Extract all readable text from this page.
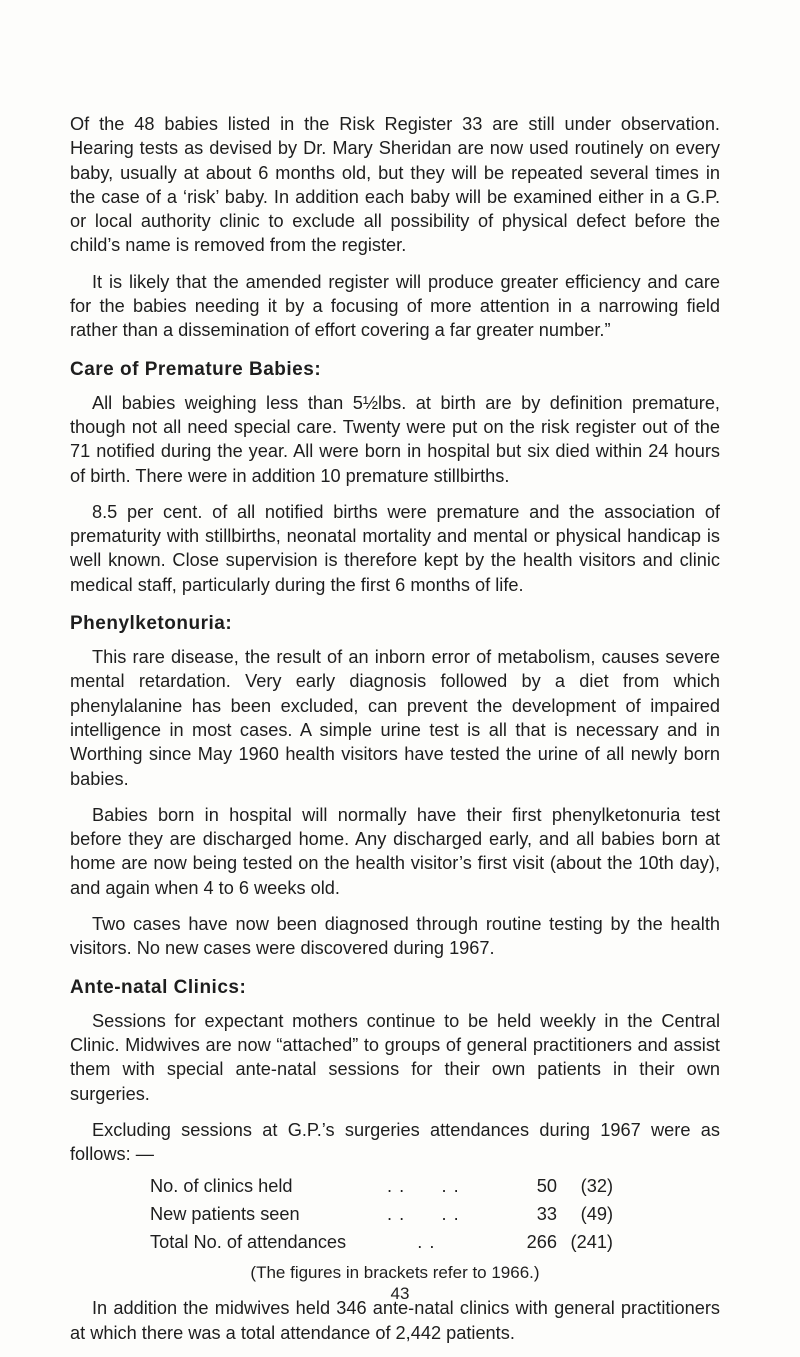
Of the 48 babies listed in the Risk Register 33 are still under observation. Hearing tests as devised by Dr. Mary Sheridan are now used routinely on every baby, usually at about 6 months old, but they will be repeated several times in the case of a ‘risk’ baby. In addition each baby will be examined either in a G.P. or local authority clinic to exclude all possibility of physical defect before the child’s name is removed from the register.

It is likely that the amended register will produce greater efficiency and care for the babies needing it by a focusing of more attention in a narrowing field rather than a dissemination of effort covering a far greater number.”

Care of Premature Babies:

All babies weighing less than 5½lbs. at birth are by definition premature, though not all need special care. Twenty were put on the risk register out of the 71 notified during the year. All were born in hospital but six died within 24 hours of birth. There were in addition 10 premature stillbirths.

8.5 per cent. of all notified births were premature and the association of prematurity with stillbirths, neonatal mortality and mental or physical handicap is well known. Close supervision is therefore kept by the health visitors and clinic medical staff, particularly during the first 6 months of life.

Phenylketonuria:

This rare disease, the result of an inborn error of metabolism, causes severe mental retardation. Very early diagnosis followed by a diet from which phenylalanine has been excluded, can prevent the development of impaired intelligence in most cases. A simple urine test is all that is necessary and in Worthing since May 1960 health visitors have tested the urine of all newly born babies.

Babies born in hospital will normally have their first phenylketonuria test before they are discharged home. Any discharged early, and all babies born at home are now being tested on the health visitor’s first visit (about the 10th day), and again when 4 to 6 weeks old.

Two cases have now been diagnosed through routine testing by the health visitors. No new cases were discovered during 1967.

Ante-natal Clinics:

Sessions for expectant mothers continue to be held weekly in the Central Clinic. Midwives are now “attached” to groups of general practitioners and assist them with special ante-natal sessions for their own patients in their own surgeries.

Excluding sessions at G.P.’s surgeries attendances during 1967 were as follows: —

No. of clinics held	. .      . .	50	(32)
New patients seen	. .      . .	33	(49)
Total No. of attendances	. .	266 (241)
(The figures in brackets refer to 1966.)

In addition the midwives held 346 ante-natal clinics with general practitioners at which there was a total attendance of 2,442 patients.

43
